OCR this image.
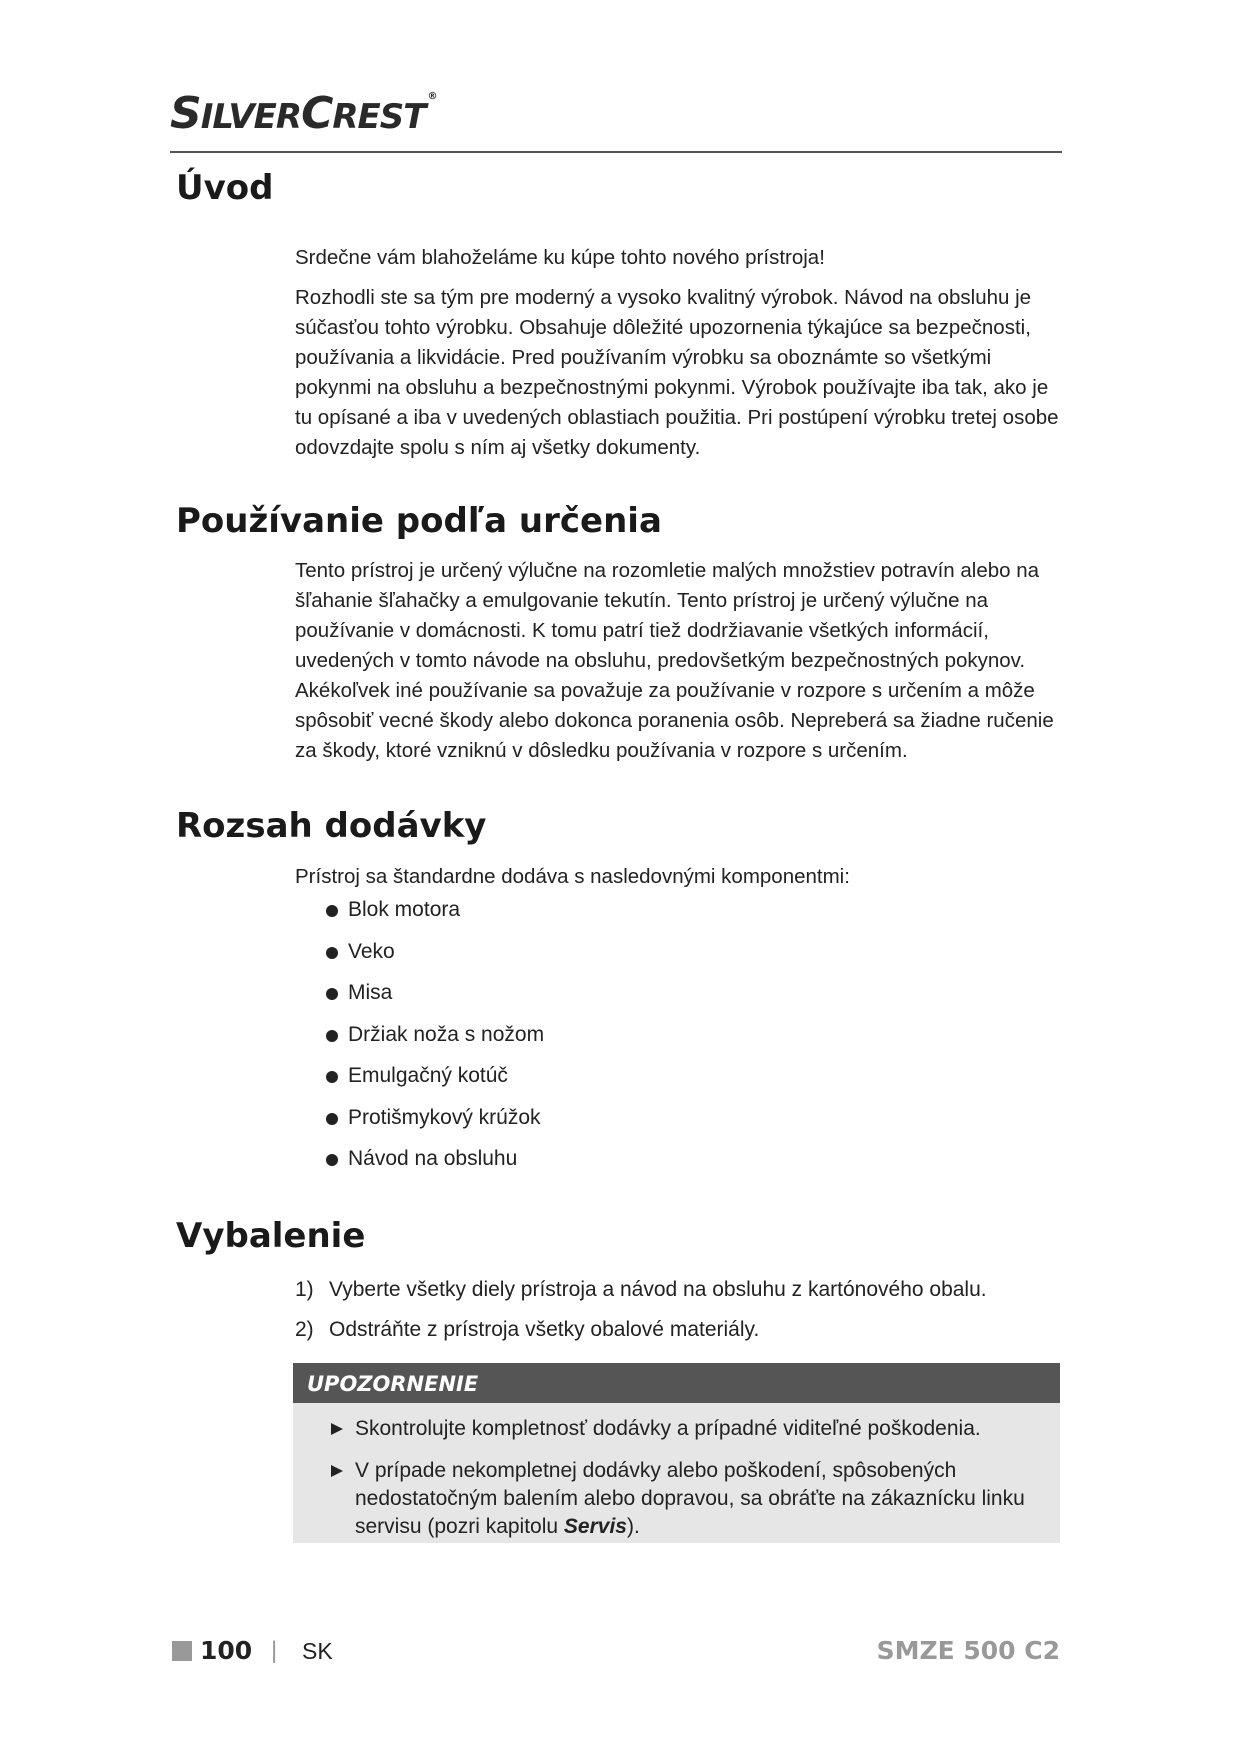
SILVERCREST®
Úvod

Srdečne vám blahoželáme ku kúpe tohto nového prístroja!

Rozhodli ste sa tým pre moderný a vysoko kvalitný výrobok. Návod na obsluhu je súčasťou tohto výrobku. Obsahuje dôležité upozornenia týkajúce sa bezpečnosti, používania a likvidácie. Pred používaním výrobku sa oboznámte so všetkými pokynmi na obsluhu a bezpečnostnými pokynmi. Výrobok používajte iba tak, ako je tu opísané a iba v uvedených oblastiach použitia. Pri postúpení výrobku tretej osobe odovzdajte spolu s ním aj všetky dokumenty.

Používanie podľa určenia

Tento prístroj je určený výlučne na rozomletie malých množstiev potravín alebo na šľahanie šľahačky a emulgovanie tekutín. Tento prístroj je určený výlučne na používanie v domácnosti. K tomu patrí tiež dodržiavanie všetkých informácií, uvedených v tomto návode na obsluhu, predovšetkým bezpečnostných pokynov. Akékoľvek iné používanie sa považuje za používanie v rozpore s určením a môže spôsobiť vecné škody alebo dokonca poranenia osôb. Nepreberá sa žiadne ručenie za škody, ktoré vzniknú v dôsledku používania v rozpore s určením.

Rozsah dodávky

Prístroj sa štandardne dodáva s nasledovnými komponentmi:

Blok motora
Veko
Misa
Držiak noža s nožom
Emulgačný kotúč
Protišmykový krúžok
Návod na obsluhu
Vybalenie
1) Vyberte všetky diely prístroja a návod na obsluhu z kartónového obalu.
2) Odstráňte z prístroja všetky obalové materiály.
UPOZORNENIE
Skontrolujte kompletnosť dodávky a prípadné viditeľné poškodenia.
V prípade nekompletnej dodávky alebo poškodení, spôsobených nedostatočným balením alebo dopravou, sa obráťte na zákaznícku linku servisu (pozri kapitolu Servis).
100 | SK	SMZE 500 C2
